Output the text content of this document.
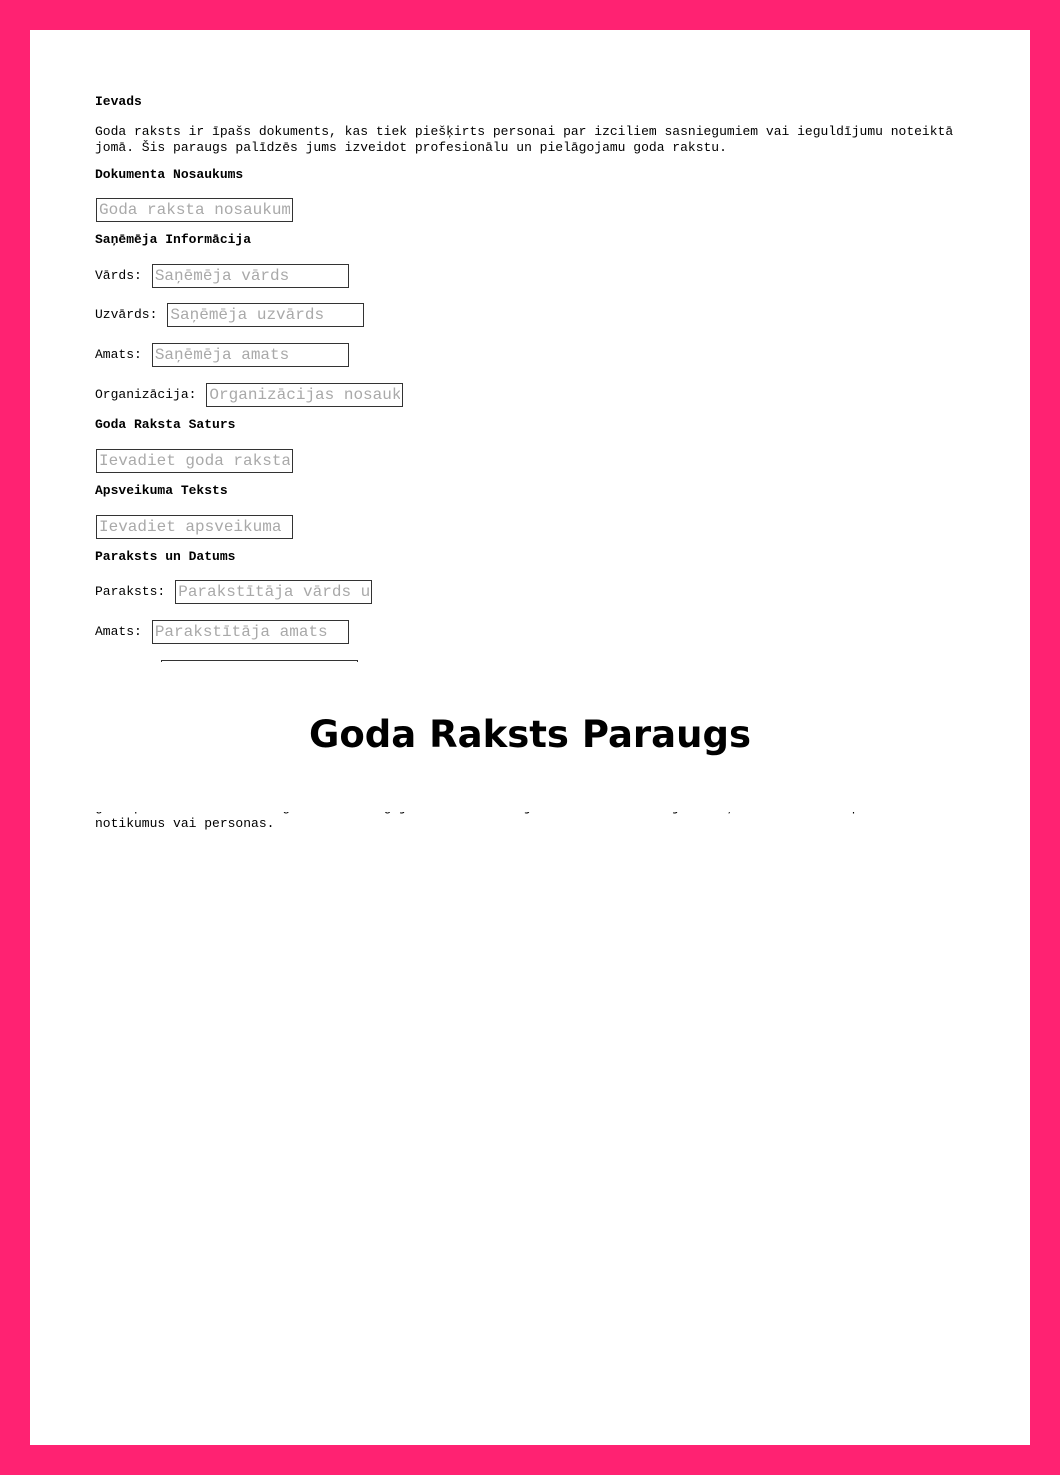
Ievads
Goda raksts ir īpašs dokuments, kas tiek piešķirts personai par izciliem sasniegumiem vai ieguldījumu noteiktā jomā. Šis paraugs palīdzēs jums izveidot profesionālu un pielāgojamu goda rakstu.
Dokumenta Nosaukums
Goda raksta nosaukums
Saņēmēja Informācija
Vārds:
Saņēmēja vārds
Uzvārds:
Saņēmēja uzvārds
Amats:
Saņēmēja amats
Organizācija:
Organizācijas nosaukums
Goda Raksta Saturs
Ievadiet goda raksta saturu
Apsveikuma Teksts
Ievadiet apsveikuma tekstu
Paraksts un Datums
Paraksts:
Parakstītāja vārds un uzvārds
Amats:
Parakstītāja amats
notikumus vai personas.
Goda Raksts Paraugs
